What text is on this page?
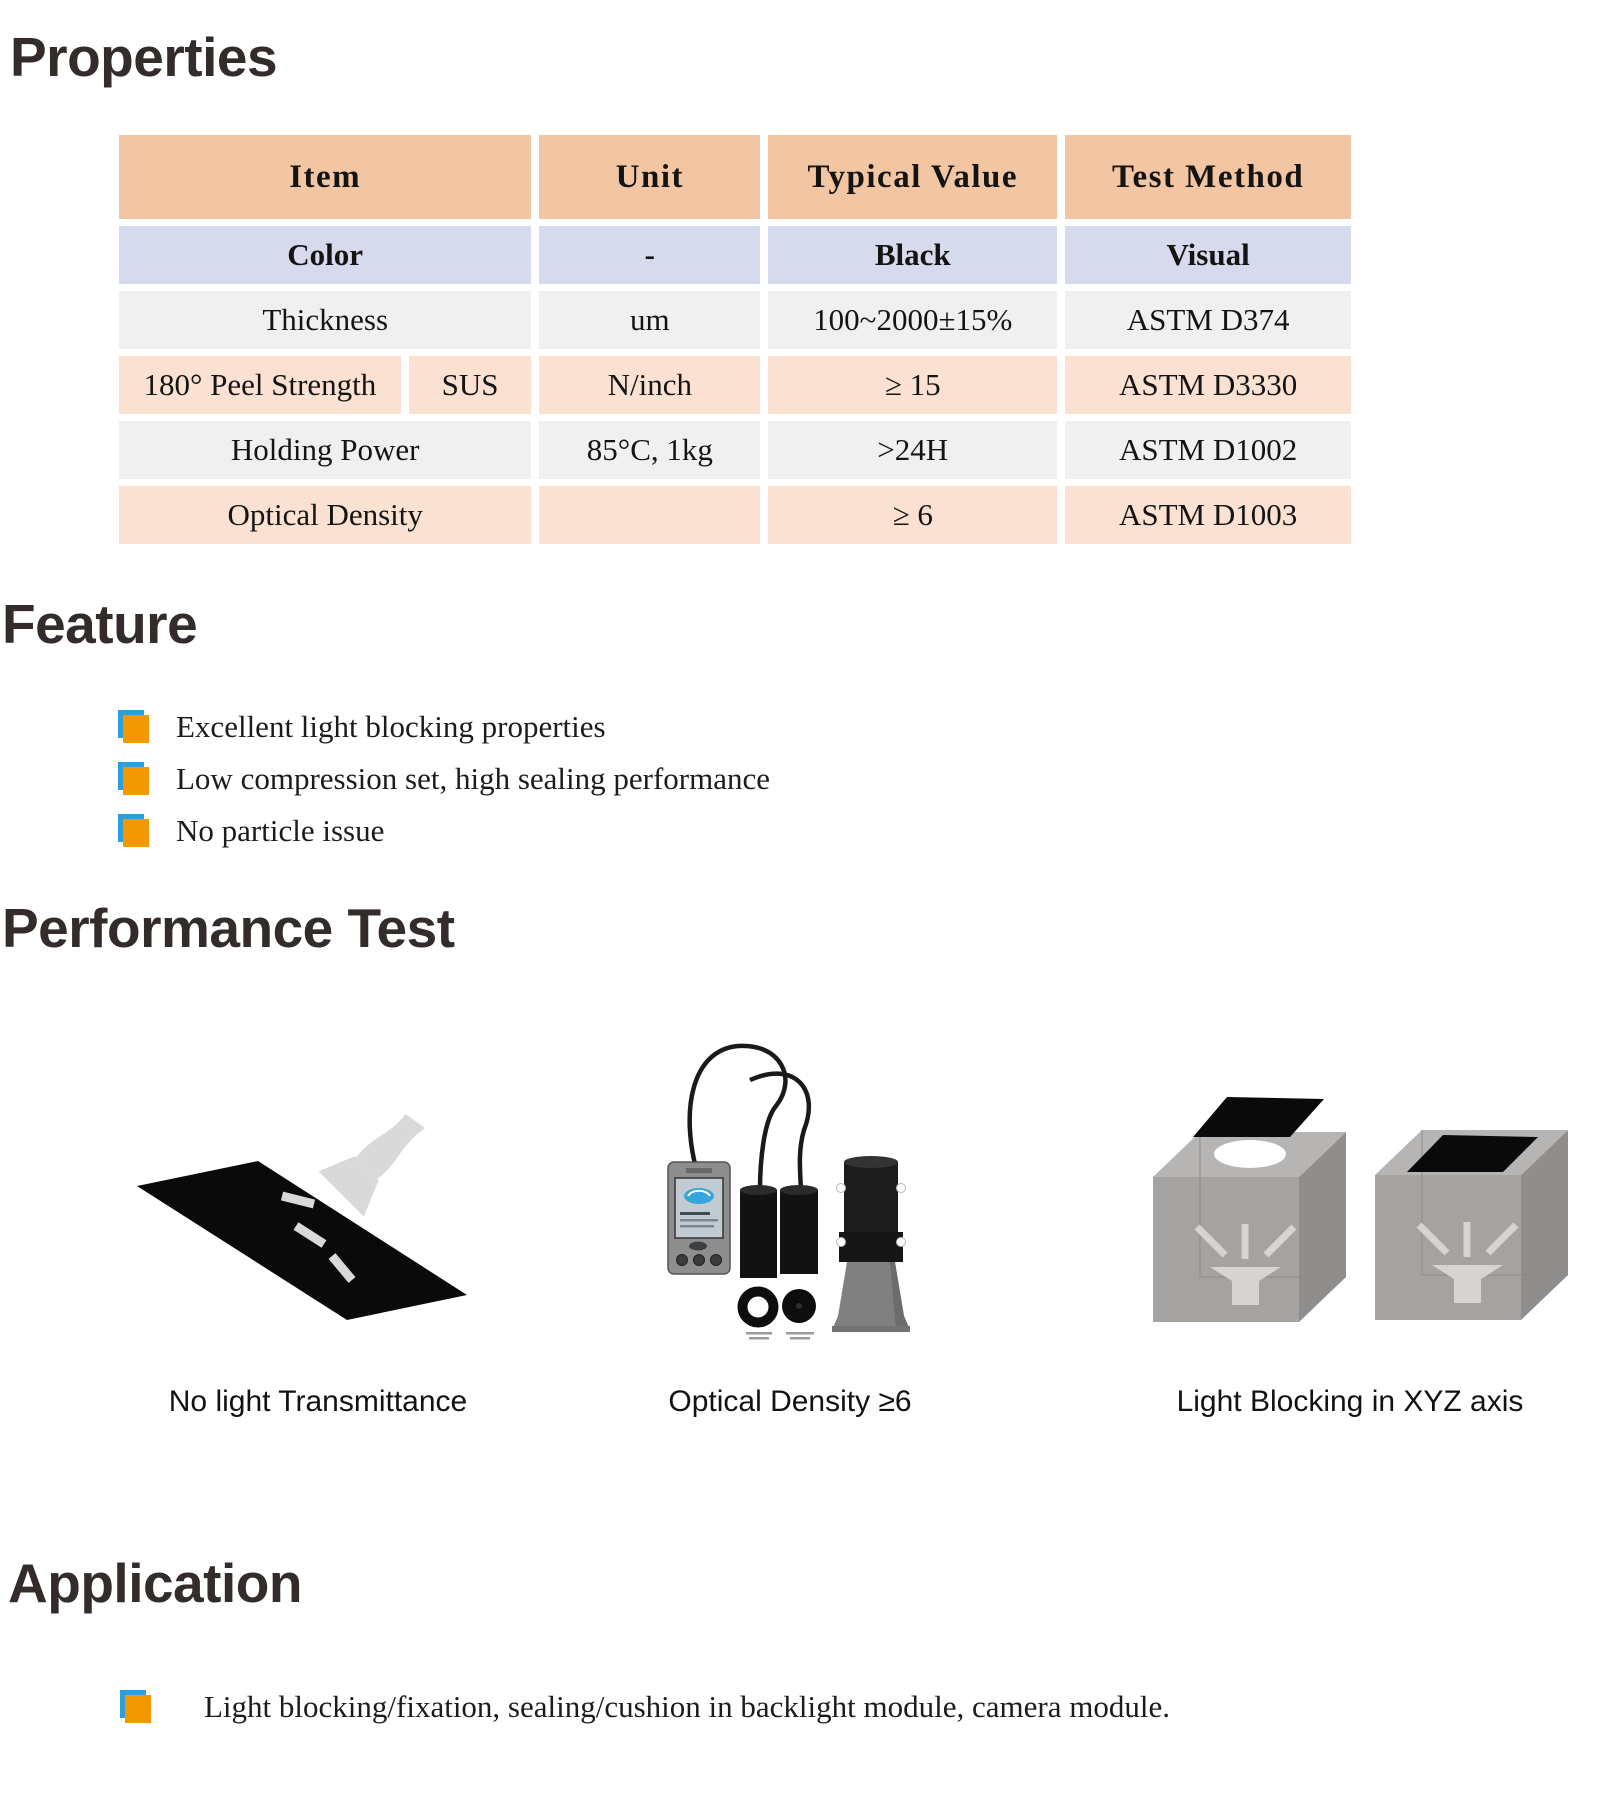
Properties
Item		Unit	Typical Value	Test Method
Color		-	Black	Visual
Thickness		um	100~2000±15%	ASTM D374
180° Peel Strength	SUS	N/inch	≥ 15	ASTM D3330
Holding Power		85°C, 1kg	>24H	ASTM D1002
Optical Density			≥ 6	ASTM D1003
Feature
Excellent light blocking properties
Low compression set, high sealing performance
No particle issue
Performance Test
No light Transmittance	Optical Density ≥6	Light Blocking in XYZ axis
Application
Light blocking/fixation, sealing/cushion in backlight module, camera module.
